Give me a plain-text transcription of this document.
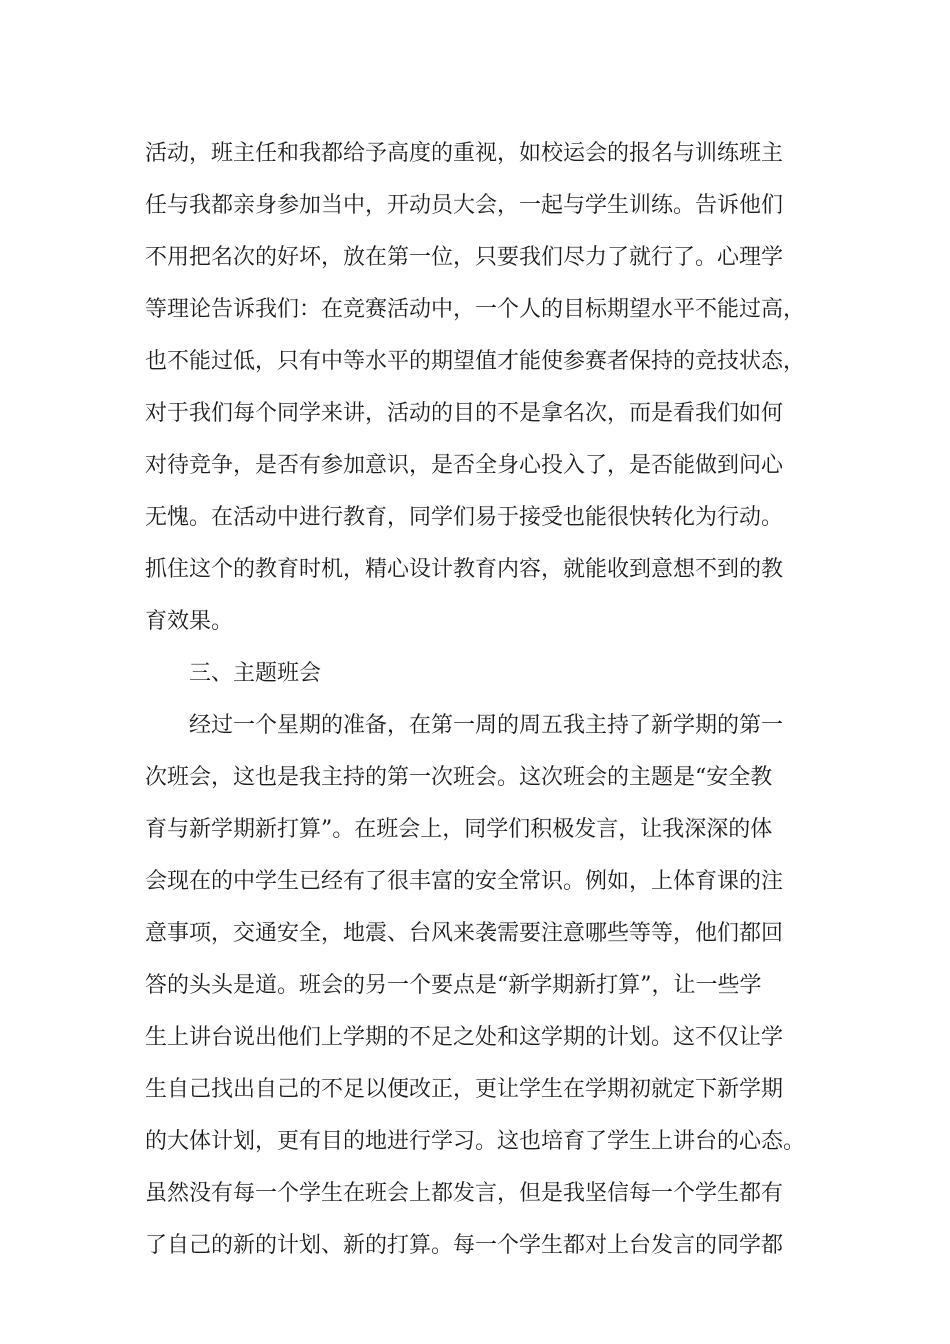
活动，班主任和我都给予高度的重视，如校运会的报名与训练班主
任与我都亲身参加当中，开动员大会，一起与学生训练。告诉他们
不用把名次的好坏，放在第一位，只要我们尽力了就行了。心理学
等理论告诉我们：在竞赛活动中，一个人的目标期望水平不能过高，
也不能过低，只有中等水平的期望值才能使参赛者保持的竞技状态，
对于我们每个同学来讲，活动的目的不是拿名次，而是看我们如何
对待竞争，是否有参加意识，是否全身心投入了，是否能做到问心
无愧。在活动中进行教育，同学们易于接受也能很快转化为行动。
抓住这个的教育时机，精心设计教育内容，就能收到意想不到的教
育效果。
三、主题班会
经过一个星期的准备，在第一周的周五我主持了新学期的第一
次班会，这也是我主持的第一次班会。这次班会的主题是“安全教
育与新学期新打算”。在班会上，同学们积极发言，让我深深的体
会现在的中学生已经有了很丰富的安全常识。例如，上体育课的注
意事项，交通安全，地震、台风来袭需要注意哪些等等，他们都回
答的头头是道。班会的另一个要点是“新学期新打算”，让一些学
生上讲台说出他们上学期的不足之处和这学期的计划。这不仅让学
生自己找出自己的不足以便改正，更让学生在学期初就定下新学期
的大体计划，更有目的地进行学习。这也培育了学生上讲台的心态。
虽然没有每一个学生在班会上都发言，但是我坚信每一个学生都有
了自己的新的计划、新的打算。每一个学生都对上台发言的同学都
